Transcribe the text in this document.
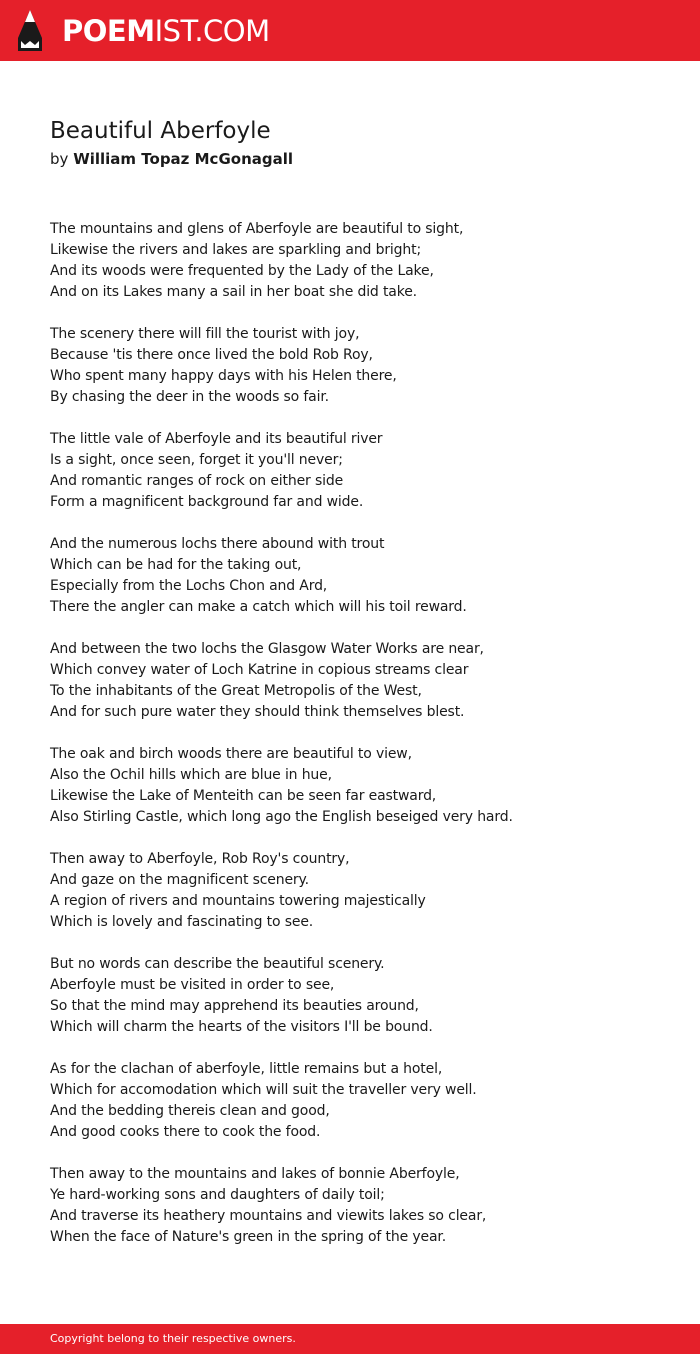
POEMIST.COM
Beautiful Aberfoyle
by William Topaz McGonagall
The mountains and glens of Aberfoyle are beautiful to sight,
Likewise the rivers and lakes are sparkling and bright;
And its woods were frequented by the Lady of the Lake,
And on its Lakes many a sail in her boat she did take.
The scenery there will fill the tourist with joy,
Because 'tis there once lived the bold Rob Roy,
Who spent many happy days with his Helen there,
By chasing the deer in the woods so fair.
The little vale of Aberfoyle and its beautiful river
Is a sight, once seen, forget it you'll never;
And romantic ranges of rock on either side
Form a magnificent background far and wide.
And the numerous lochs there abound with trout
Which can be had for the taking out,
Especially from the Lochs Chon and Ard,
There the angler can make a catch which will his toil reward.
And between the two lochs the Glasgow Water Works are near,
Which convey water of Loch Katrine in copious streams clear
To the inhabitants of the Great Metropolis of the West,
And for such pure water they should think themselves blest.
The oak and birch woods there are beautiful to view,
Also the Ochil hills which are blue in hue,
Likewise the Lake of Menteith can be seen far eastward,
Also Stirling Castle, which long ago the English beseiged very hard.
Then away to Aberfoyle, Rob Roy's country,
And gaze on the magnificent scenery.
A region of rivers and mountains towering majestically
Which is lovely and fascinating to see.
But no words can describe the beautiful scenery.
Aberfoyle must be visited in order to see,
So that the mind may apprehend its beauties around,
Which will charm the hearts of the visitors I'll be bound.
As for the clachan of aberfoyle, little remains but a hotel,
Which for accomodation which will suit the traveller very well.
And the bedding thereis clean and good,
And good cooks there to cook the food.
Then away to the mountains and lakes of bonnie Aberfoyle,
Ye hard-working sons and daughters of daily toil;
And traverse its heathery mountains and viewits lakes so clear,
When the face of Nature's green in the spring of the year.
Copyright belong to their respective owners.
